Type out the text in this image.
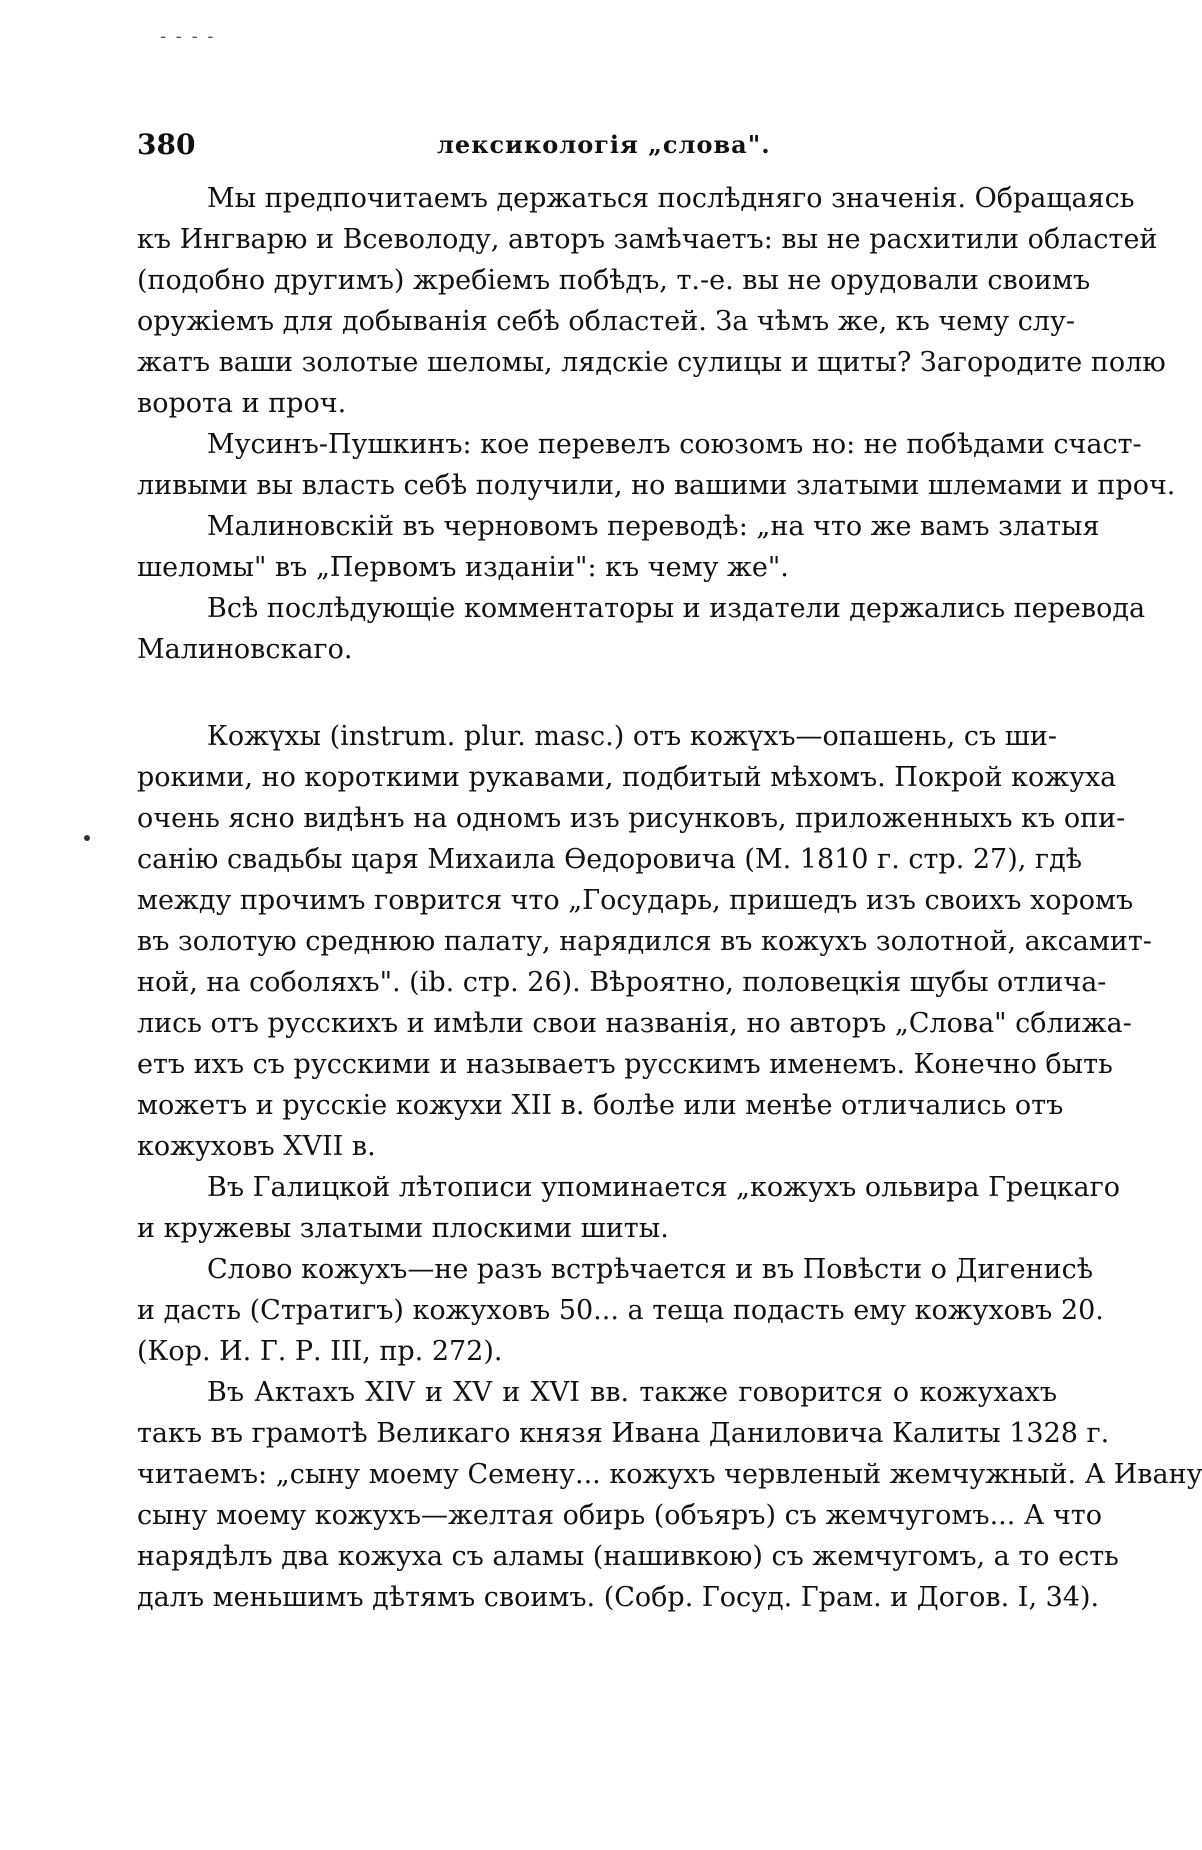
- - - -
380	лексикологія „слова".
Мы предпочитаемъ держаться послѣдняго значенія. Обращаясь
къ Ингварю и Всеволоду, авторъ замѣчаетъ: вы не расхитили областей
(подобно другимъ) жребіемъ побѣдъ, т.-е. вы не орудовали своимъ
оружіемъ для добыванія себѣ областей. За чѣмъ же, къ чему слу-
жатъ ваши золотые шеломы, лядскіе сулицы и щиты? Загородите полю
ворота и проч.
Мусинъ-Пушкинъ: кое перевелъ союзомъ но: не побѣдами счаст-
ливыми вы власть себѣ получили, но вашими златыми шлемами и проч.
Малиновскій въ черновомъ переводѣ: „на что же вамъ златыя
шеломы" въ „Первомъ изданіи": къ чему же".
Всѣ послѣдующіе комментаторы и издатели держались перевода
Малиновскаго.
Кожүхы (instrum. plur. masc.) отъ кожүхъ—опашень, съ ши-
рокими, но короткими рукавами, подбитый мѣхомъ. Покрой кожуха
очень ясно видѣнъ на одномъ изъ рисунковъ, приложенныхъ къ опи-
санію свадьбы царя Михаила Ѳедоровича (М. 1810 г. стр. 27), гдѣ
между прочимъ говрится что „Государь, пришедъ изъ своихъ хоромъ
въ золотую среднюю палату, нарядился въ кожухъ золотной, аксамит-
ной, на соболяхъ". (ib. стр. 26). Вѣроятно, половецкія шубы отлича-
лись отъ русскихъ и имѣли свои названія, но авторъ „Слова" сближа-
етъ ихъ съ русскими и называетъ русскимъ именемъ. Конечно быть
можетъ и русскіе кожухи XII в. болѣе или менѣе отличались отъ
кожуховъ XVII в.
Въ Галицкой лѣтописи упоминается „кожухъ ольвира Грецкаго
и кружевы златыми плоскими шиты.
Слово кожухъ—не разъ встрѣчается и въ Повѣсти о Дигенисѣ
и дасть (Стратигъ) кожуховъ 50... а теща подасть ему кожуховъ 20.
(Кор. И. Г. Р. III, пр. 272).
Въ Актахъ XIV и XV и XVI вв. также говорится о кожухахъ
такъ въ грамотѣ Великаго князя Ивана Даниловича Калиты 1328 г.
читаемъ: „сыну моему Семену... кожухъ червленый жемчужный. А Ивану
сыну моему кожухъ—желтая обирь (объяръ) съ жемчугомъ... А что
нарядѣлъ два кожуха съ аламы (нашивкою) съ жемчугомъ, а то есть
далъ меньшимъ дѣтямъ своимъ. (Собр. Госуд. Грам. и Догов. I, 34).
